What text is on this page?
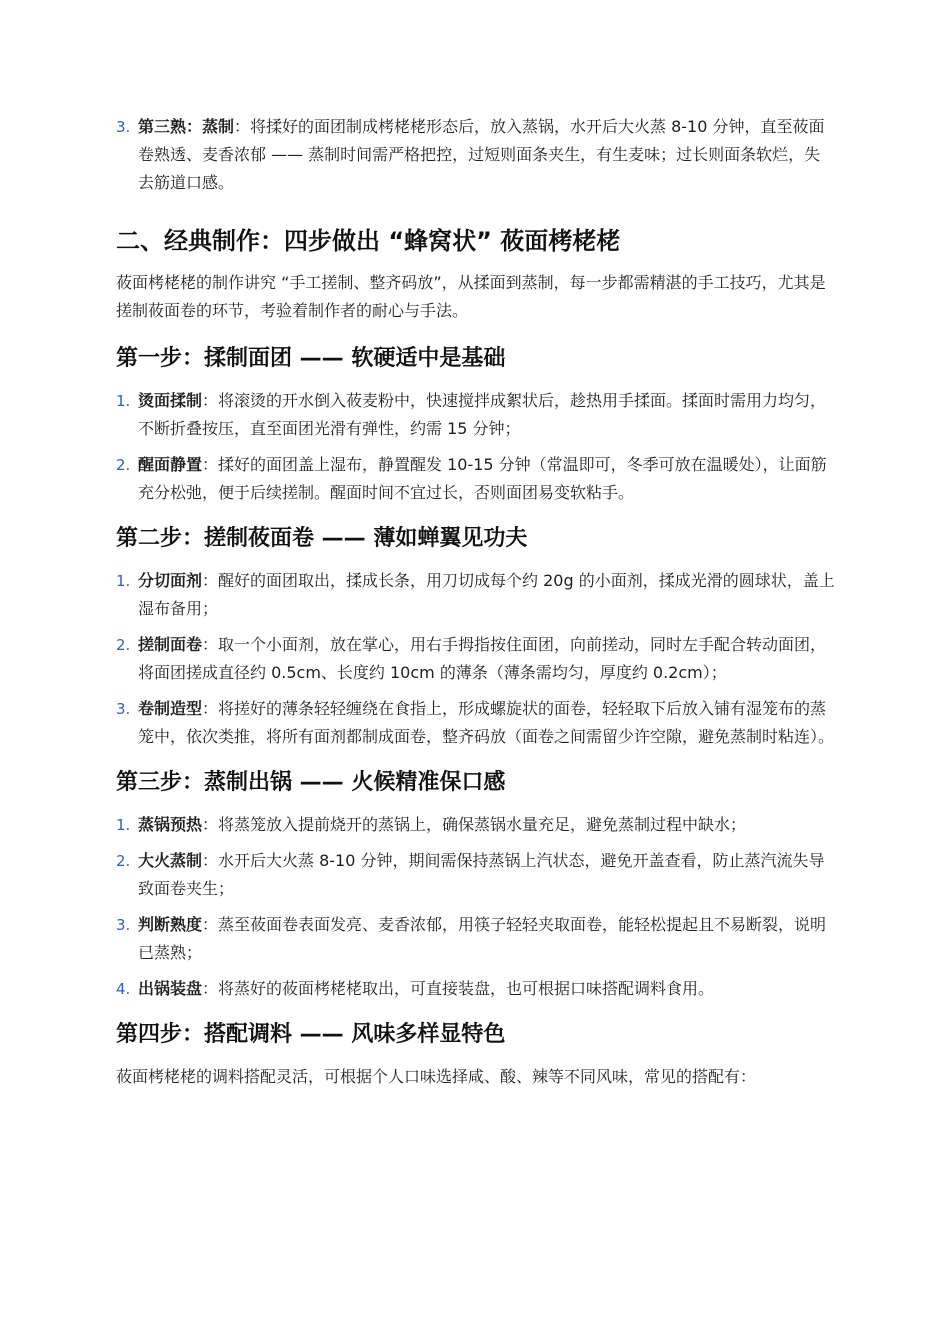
3. 第三熟：蒸制：将揉好的面团制成栲栳栳形态后，放入蒸锅，水开后大火蒸 8-10 分钟，直至莜面卷熟透、麦香浓郁 —— 蒸制时间需严格把控，过短则面条夹生，有生麦味；过长则面条软烂，失去筋道口感。
二、经典制作：四步做出 “蜂窝状” 莜面栲栳栳

莜面栲栳栳的制作讲究 “手工搓制、整齐码放”，从揉面到蒸制，每一步都需精湛的手工技巧，尤其是搓制莜面卷的环节，考验着制作者的耐心与手法。

第一步：揉制面团 —— 软硬适中是基础
1. 烫面揉制：将滚烫的开水倒入莜麦粉中，快速搅拌成絮状后，趁热用手揉面。揉面时需用力均匀，不断折叠按压，直至面团光滑有弹性，约需 15 分钟；
2. 醒面静置：揉好的面团盖上湿布，静置醒发 10-15 分钟（常温即可，冬季可放在温暖处），让面筋充分松弛，便于后续搓制。醒面时间不宜过长，否则面团易变软粘手。
第二步：搓制莜面卷 —— 薄如蝉翼见功夫
1. 分切面剂：醒好的面团取出，揉成长条，用刀切成每个约 20g 的小面剂，揉成光滑的圆球状，盖上湿布备用；
2. 搓制面卷：取一个小面剂，放在掌心，用右手拇指按住面团，向前搓动，同时左手配合转动面团，将面团搓成直径约 0.5cm、长度约 10cm 的薄条（薄条需均匀，厚度约 0.2cm）；
3. 卷制造型：将搓好的薄条轻轻缠绕在食指上，形成螺旋状的面卷，轻轻取下后放入铺有湿笼布的蒸笼中，依次类推，将所有面剂都制成面卷，整齐码放（面卷之间需留少许空隙，避免蒸制时粘连）。
第三步：蒸制出锅 —— 火候精准保口感
1. 蒸锅预热：将蒸笼放入提前烧开的蒸锅上，确保蒸锅水量充足，避免蒸制过程中缺水；
2. 大火蒸制：水开后大火蒸 8-10 分钟，期间需保持蒸锅上汽状态，避免开盖查看，防止蒸汽流失导致面卷夹生；
3. 判断熟度：蒸至莜面卷表面发亮、麦香浓郁，用筷子轻轻夹取面卷，能轻松提起且不易断裂，说明已蒸熟；
4. 出锅装盘：将蒸好的莜面栲栳栳取出，可直接装盘，也可根据口味搭配调料食用。
第四步：搭配调料 —— 风味多样显特色

莜面栲栳栳的调料搭配灵活，可根据个人口味选择咸、酸、辣等不同风味，常见的搭配有：
